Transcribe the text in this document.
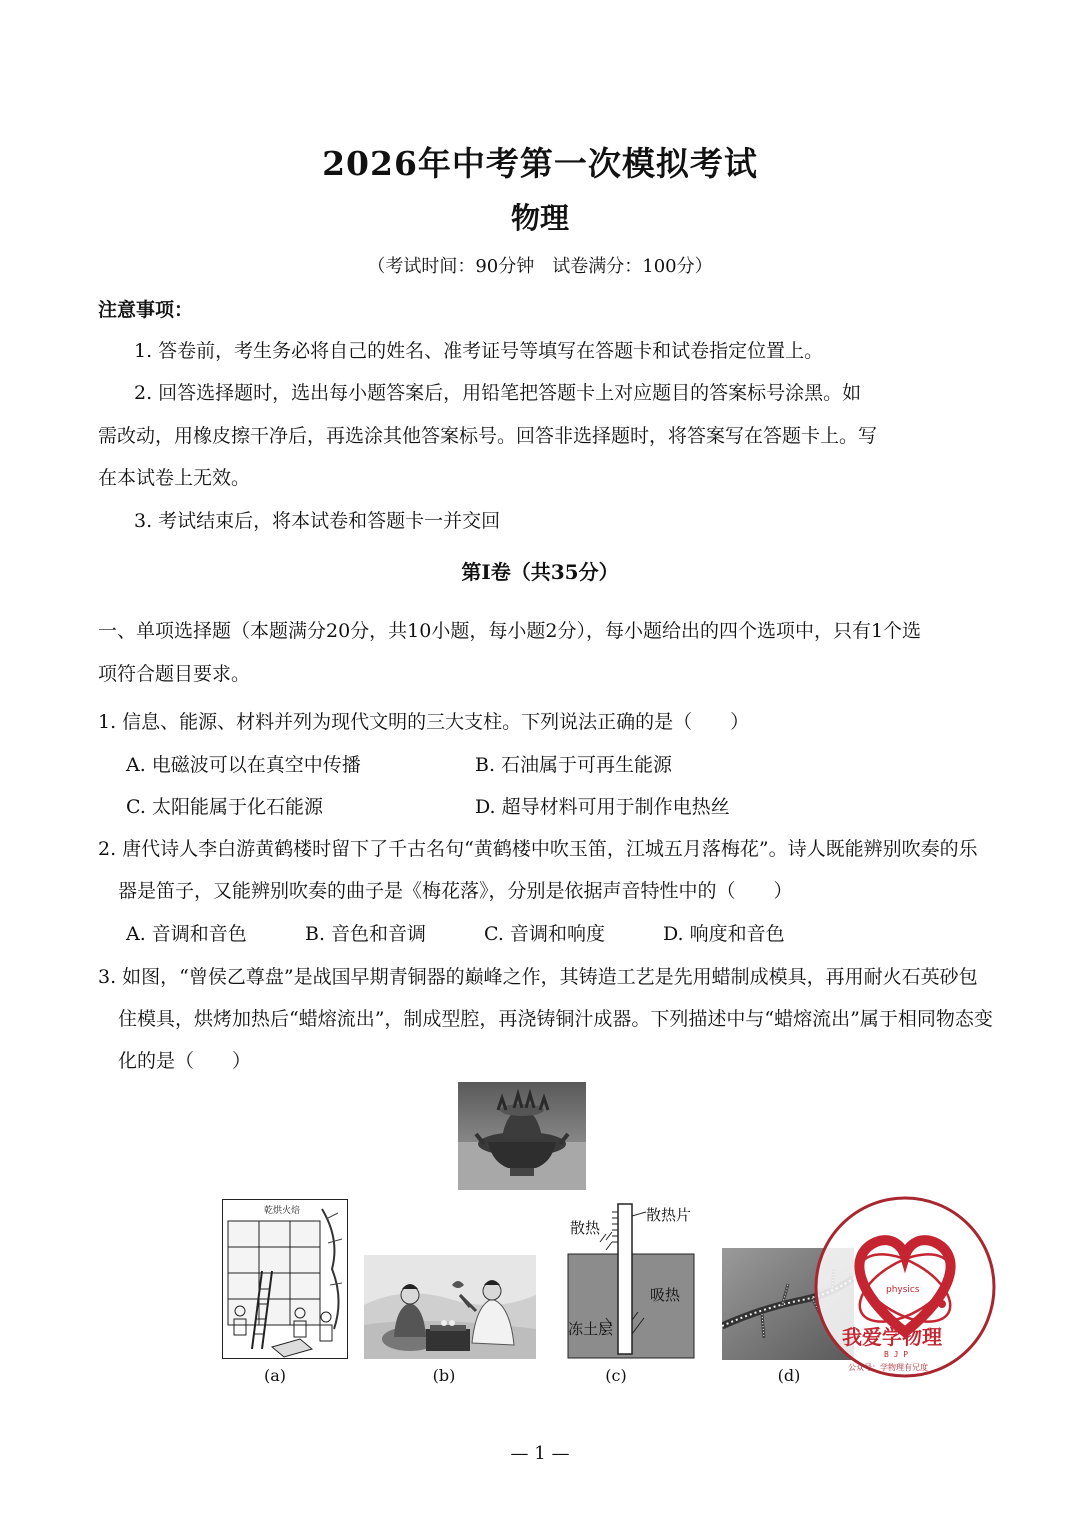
2026年中考第一次模拟考试
物理
（考试时间：90分钟　试卷满分：100分）
注意事项：
1. 答卷前，考生务必将自己的姓名、准考证号等填写在答题卡和试卷指定位置上。
2. 回答选择题时，选出每小题答案后，用铅笔把答题卡上对应题目的答案标号涂黑。如
需改动，用橡皮擦干净后，再选涂其他答案标号。回答非选择题时，将答案写在答题卡上。写
在本试卷上无效。
3. 考试结束后，将本试卷和答题卡一并交回
第I卷（共35分）
一、单项选择题（本题满分20分，共10小题，每小题2分），每小题给出的四个选项中，只有1个选
项符合题目要求。
1. 信息、能源、材料并列为现代文明的三大支柱。下列说法正确的是（　　）
A. 电磁波可以在真空中传播	B. 石油属于可再生能源
C. 太阳能属于化石能源	D. 超导材料可用于制作电热丝
2. 唐代诗人李白游黄鹤楼时留下了千古名句“黄鹤楼中吹玉笛，江城五月落梅花”。诗人既能辨别吹奏的乐
器是笛子，又能辨别吹奏的曲子是《梅花落》，分别是依据声音特性中的（　　）
A. 音调和音色	B. 音色和音调	C. 音调和响度	D. 响度和音色
3. 如图，“曾侯乙尊盘”是战国早期青铜器的巅峰之作，其铸造工艺是先用蜡制成模具，再用耐火石英砂包
住模具，烘烤加热后“蜡熔流出”，制成型腔，再浇铸铜汁成器。下列描述中与“蜡熔流出”属于相同物态变
化的是（　　）
乾烘火焙
(a)	(b)
散热
散热片
吸热
冻土层
(c)	(d)
physics
我爱学物理
B J P
公众号：学物理有兄度
— 1 —
